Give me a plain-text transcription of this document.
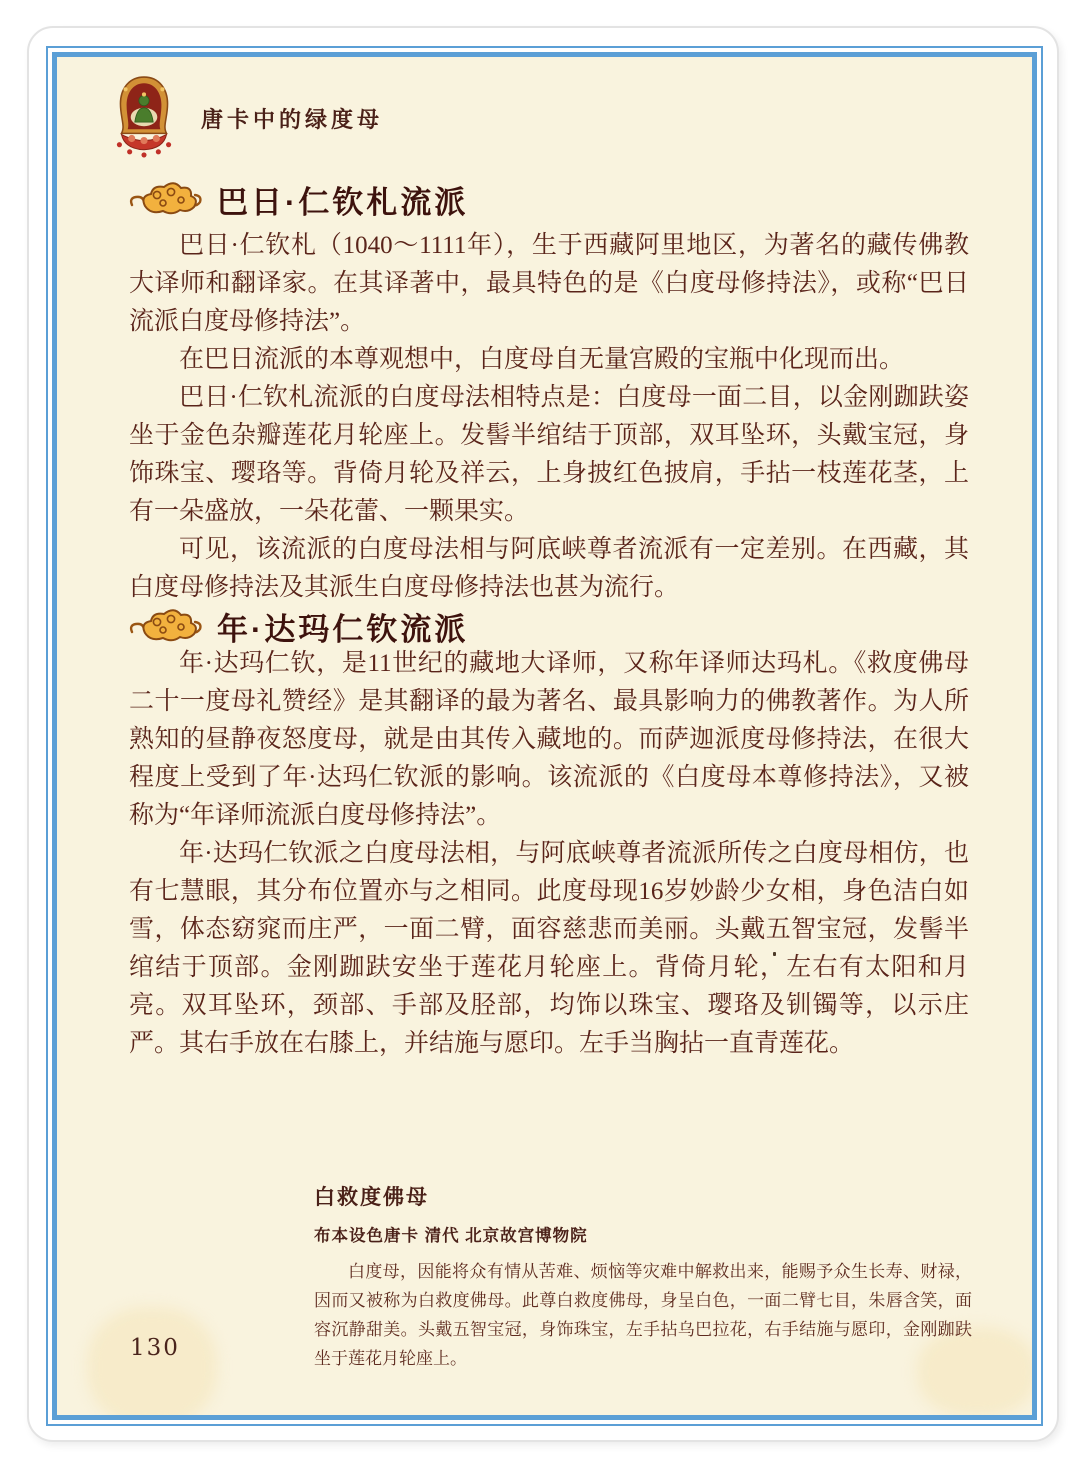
唐卡中的绿度母
巴日·仁钦札流派

巴日·仁钦札（1040～1111年），生于西藏阿里地区，为著名的藏传佛教大译师和翻译家。在其译著中，最具特色的是《白度母修持法》，或称“巴日流派白度母修持法”。

在巴日流派的本尊观想中，白度母自无量宫殿的宝瓶中化现而出。

巴日·仁钦札流派的白度母法相特点是：白度母一面二目，以金刚跏趺姿坐于金色杂瓣莲花月轮座上。发髻半绾结于顶部，双耳坠环，头戴宝冠，身饰珠宝、璎珞等。背倚月轮及祥云，上身披红色披肩，手拈一枝莲花茎，上有一朵盛放，一朵花蕾、一颗果实。

可见，该流派的白度母法相与阿底峡尊者流派有一定差别。在西藏，其白度母修持法及其派生白度母修持法也甚为流行。

年·达玛仁钦流派

年·达玛仁钦，是11世纪的藏地大译师，又称年译师达玛札。《救度佛母二十一度母礼赞经》是其翻译的最为著名、最具影响力的佛教著作。为人所熟知的昼静夜怒度母，就是由其传入藏地的。而萨迦派度母修持法，在很大程度上受到了年·达玛仁钦派的影响。该流派的《白度母本尊修持法》，又被称为“年译师流派白度母修持法”。

年·达玛仁钦派之白度母法相，与阿底峡尊者流派所传之白度母相仿，也有七慧眼，其分布位置亦与之相同。此度母现16岁妙龄少女相，身色洁白如雪，体态窈窕而庄严，一面二臂，面容慈悲而美丽。头戴五智宝冠，发髻半绾结于顶部。金刚跏趺安坐于莲花月轮座上。背倚月轮，左右有太阳和月亮。双耳坠环，颈部、手部及胫部，均饰以珠宝、璎珞及钏镯等，以示庄严。其右手放在右膝上，并结施与愿印。左手当胸拈一直青莲花。

白救度佛母
布本设色唐卡 清代 北京故宫博物院
白度母，因能将众有情从苦难、烦恼等灾难中解救出来，能赐予众生长寿、财禄，因而又被称为白救度佛母。此尊白救度佛母，身呈白色，一面二臂七目，朱唇含笑，面容沉静甜美。头戴五智宝冠，身饰珠宝，左手拈乌巴拉花，右手结施与愿印，金刚跏趺坐于莲花月轮座上。
130
